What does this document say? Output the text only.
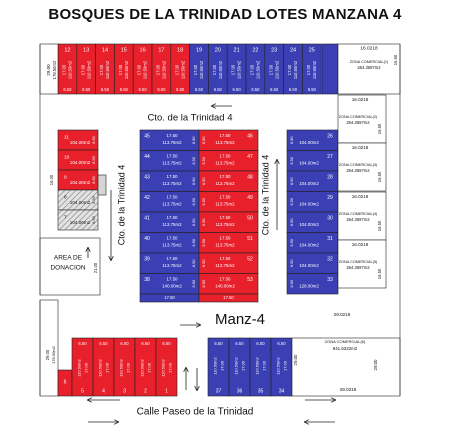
BOSQUES DE LA TRINIDAD LOTES MANZANA 4
12
17.00 110.50m2
6.50
13
17.00 110.50m2
6.50
14
17.00 110.50m2
6.50
15
17.00 110.50m2
6.50
16
17.00 110.50m2
6.50
17
17.00 110.50m2
6.50
18
17.00 110.50m2
6.50
19
17.00 110.50m2
6.50
20
17.00 110.50m2
6.50
21
17.00 110.50m2
6.50
22
17.00 110.50m2
6.50
23
17.00 110.50m2
6.50
24
17.00 110.50m2
6.50
25
17.00 110.50m2
6.50
29.00 178.50m2
16.0218
ZONA COMERCIAL(1)
264.3597m2
16.50
Cto. de la Trinidad 4
11
104.00m2 6.50
10
104.00m2 6.50
9
104.00m2 6.50
8
104.00m2 6.50
7
104.00m2 6.50
16.00
AREA DE
DONACION 21.00
Cto. de la Trinidad 4
45	17.50
113.75m2	6.50
44	17.50
113.75m2	6.50
43	17.50
113.75m2	6.50
42	17.50
113.75m2	6.50
41	17.50
113.75m2	6.50
40	17.50
113.75m2	6.50
39	17.50
113.75m2	6.50
38	17.50
140.00m2	6.50
46
17.50
113.75m2
6.50
47
17.50
113.75m2
6.50
48
17.50
113.75m2
6.50
49
17.50
113.75m2
6.50
50
17.50
113.75m2
6.50
51
17.50
113.75m2
6.50
52
17.50
113.75m2
6.50
53
17.50
140.00m2
6.50
17.50	17.50
Cto. de la Trinidad 4
26
104.00m2
6.50
27
104.00m2
6.50
28
104.00m2
6.50
29
104.00m2
6.50
30
104.00m2
6.50
31
104.00m2
6.50
32
104.00m2
6.50
33
128.00m2
6.50
16.0218
ZONA COMERCIAL(2)
264.3597m2
16.50
16.0218
ZONA COMERCIAL(3)
264.3597m2
16.50
16.0218
ZONA COMERCIAL(4)
264.3597m2
16.50
16.0218
ZONA COMERCIAL(5)
264.3597m2
16.50
29.0218
Manz-4
29.00 178.50m2
6
6.50
110.50m2 17.00
5
6.50
110.50m2 17.00
4
6.50
110.50m2 17.00
3
6.50
110.50m2 17.00
2
6.50
110.50m2 17.00
1
6.50
110.50m2 17.00
37
6.50
110.50m2 17.00
36
6.50
110.50m2 17.00
35
6.50
110.50m2 17.00
34
29.00
ZONA COMERCIAL(6)
841.6322m2
29.00
29.0218
Calle Paseo de la Trinidad
